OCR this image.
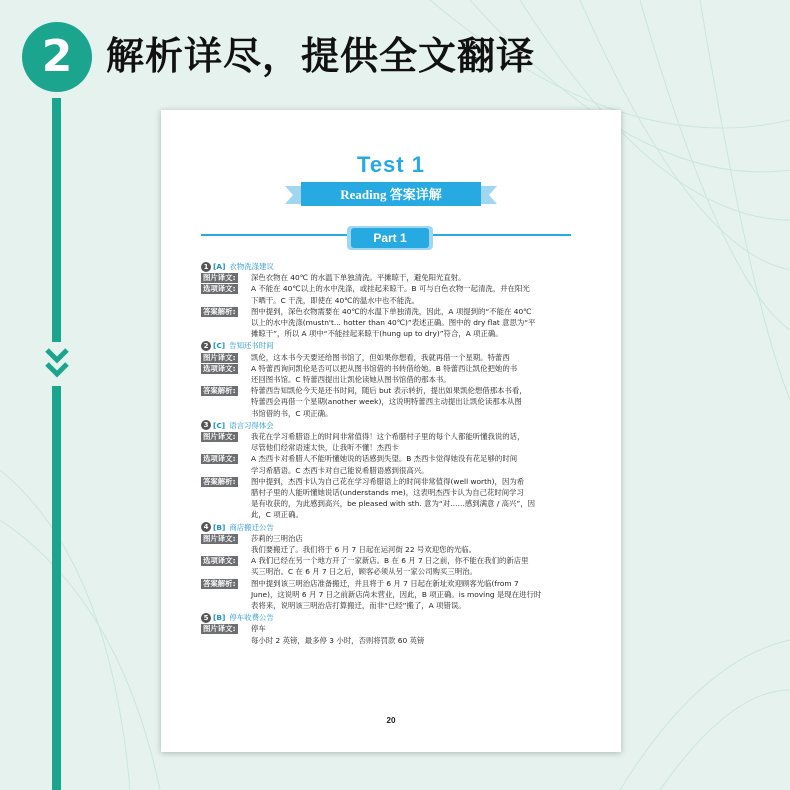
2 解析详尽，提供全文翻译
Test 1
Reading 答案详解
Part 1
1 [A] 衣物洗涤建议
图片译文:	深色衣物在 40℃ 的水温下单独清洗。平摊晾干，避免阳光直射。
选项译文:	A 不能在 40℃以上的水中洗涤，或挂起来晾干。B 可与白色衣物一起清洗，并在阳光
下晒干。C 干洗，即使在 40℃的温水中也不能洗。
答案解析:	图中提到，深色衣物需要在 40℃的水温下单独清洗，因此，A 项提到的“不能在 40℃
以上的水中洗涤(mustn't... hotter than 40℃)”表述正确。图中的 dry flat 意思为“平
摊晾干”，所以 A 项中“不能挂起来晾干(hung up to dry)”符合，A 项正确。
2 [C] 告知还书时间
图片译文:	凯伦，这本书今天要还给图书馆了，但如果你想看，我就再借一个星期。特蕾西
选项译文:	A 特蕾西询问凯伦是否可以把从图书馆借的书转借给她。B 特蕾西让凯伦把她的书
还回图书馆。C 特蕾西提出让凯伦读她从图书馆借的那本书。
答案解析:	特蕾西告知凯伦今天是还书时间，随后 but 表示转折，提出如果凯伦想借那本书看，
特蕾西会再借一个星期(another week)，这说明特蕾西主动提出让凯伦读那本从图
书馆借的书，C 项正确。
3 [C] 语言习得体会
图片译文:	我花在学习希腊语上的时间非常值得！这个希腊村子里的每个人都能听懂我说的话，
尽管他们经常语速太快，让我听不懂！杰西卡
选项译文:	A 杰西卡对希腊人不能听懂她说的话感到失望。B 杰西卡觉得她没有花足够的时间
学习希腊语。C 杰西卡对自己能说希腊语感到很高兴。
答案解析:	图中提到，杰西卡认为自己花在学习希腊语上的时间非常值得(well worth)，因为希
腊村子里的人能听懂她说话(understands me)，这表明杰西卡认为自己花时间学习
是有收获的，为此感到高兴，be pleased with sth. 意为“对……感到满意 / 高兴”，因
此，C 项正确。
4 [B] 商店搬迁公告
图片译文:	莎莉的三明治店
我们要搬迁了。我们将于 6 月 7 日起在运河街 22 号欢迎您的光临。
选项译文:	A 我们已经在另一个地方开了一家新店。B 在 6 月 7 日之前，你不能在我们的新店里
买三明治。C 在 6 月 7 日之后，顾客必须从另一家公司购买三明治。
答案解析:	图中提到该三明治店准备搬迁，并且将于 6 月 7 日起在新址欢迎顾客光临(from 7
June)，这说明 6 月 7 日之前新店尚未营业，因此，B 项正确。is moving 是现在进行时
表将来，说明该三明治店打算搬迁，而非“已经”搬了，A 项错误。
5 [B] 停车收费公告
图片译文:	停车
每小时 2 英镑，最多停 3 小时，否则将罚款 60 英镑
20
